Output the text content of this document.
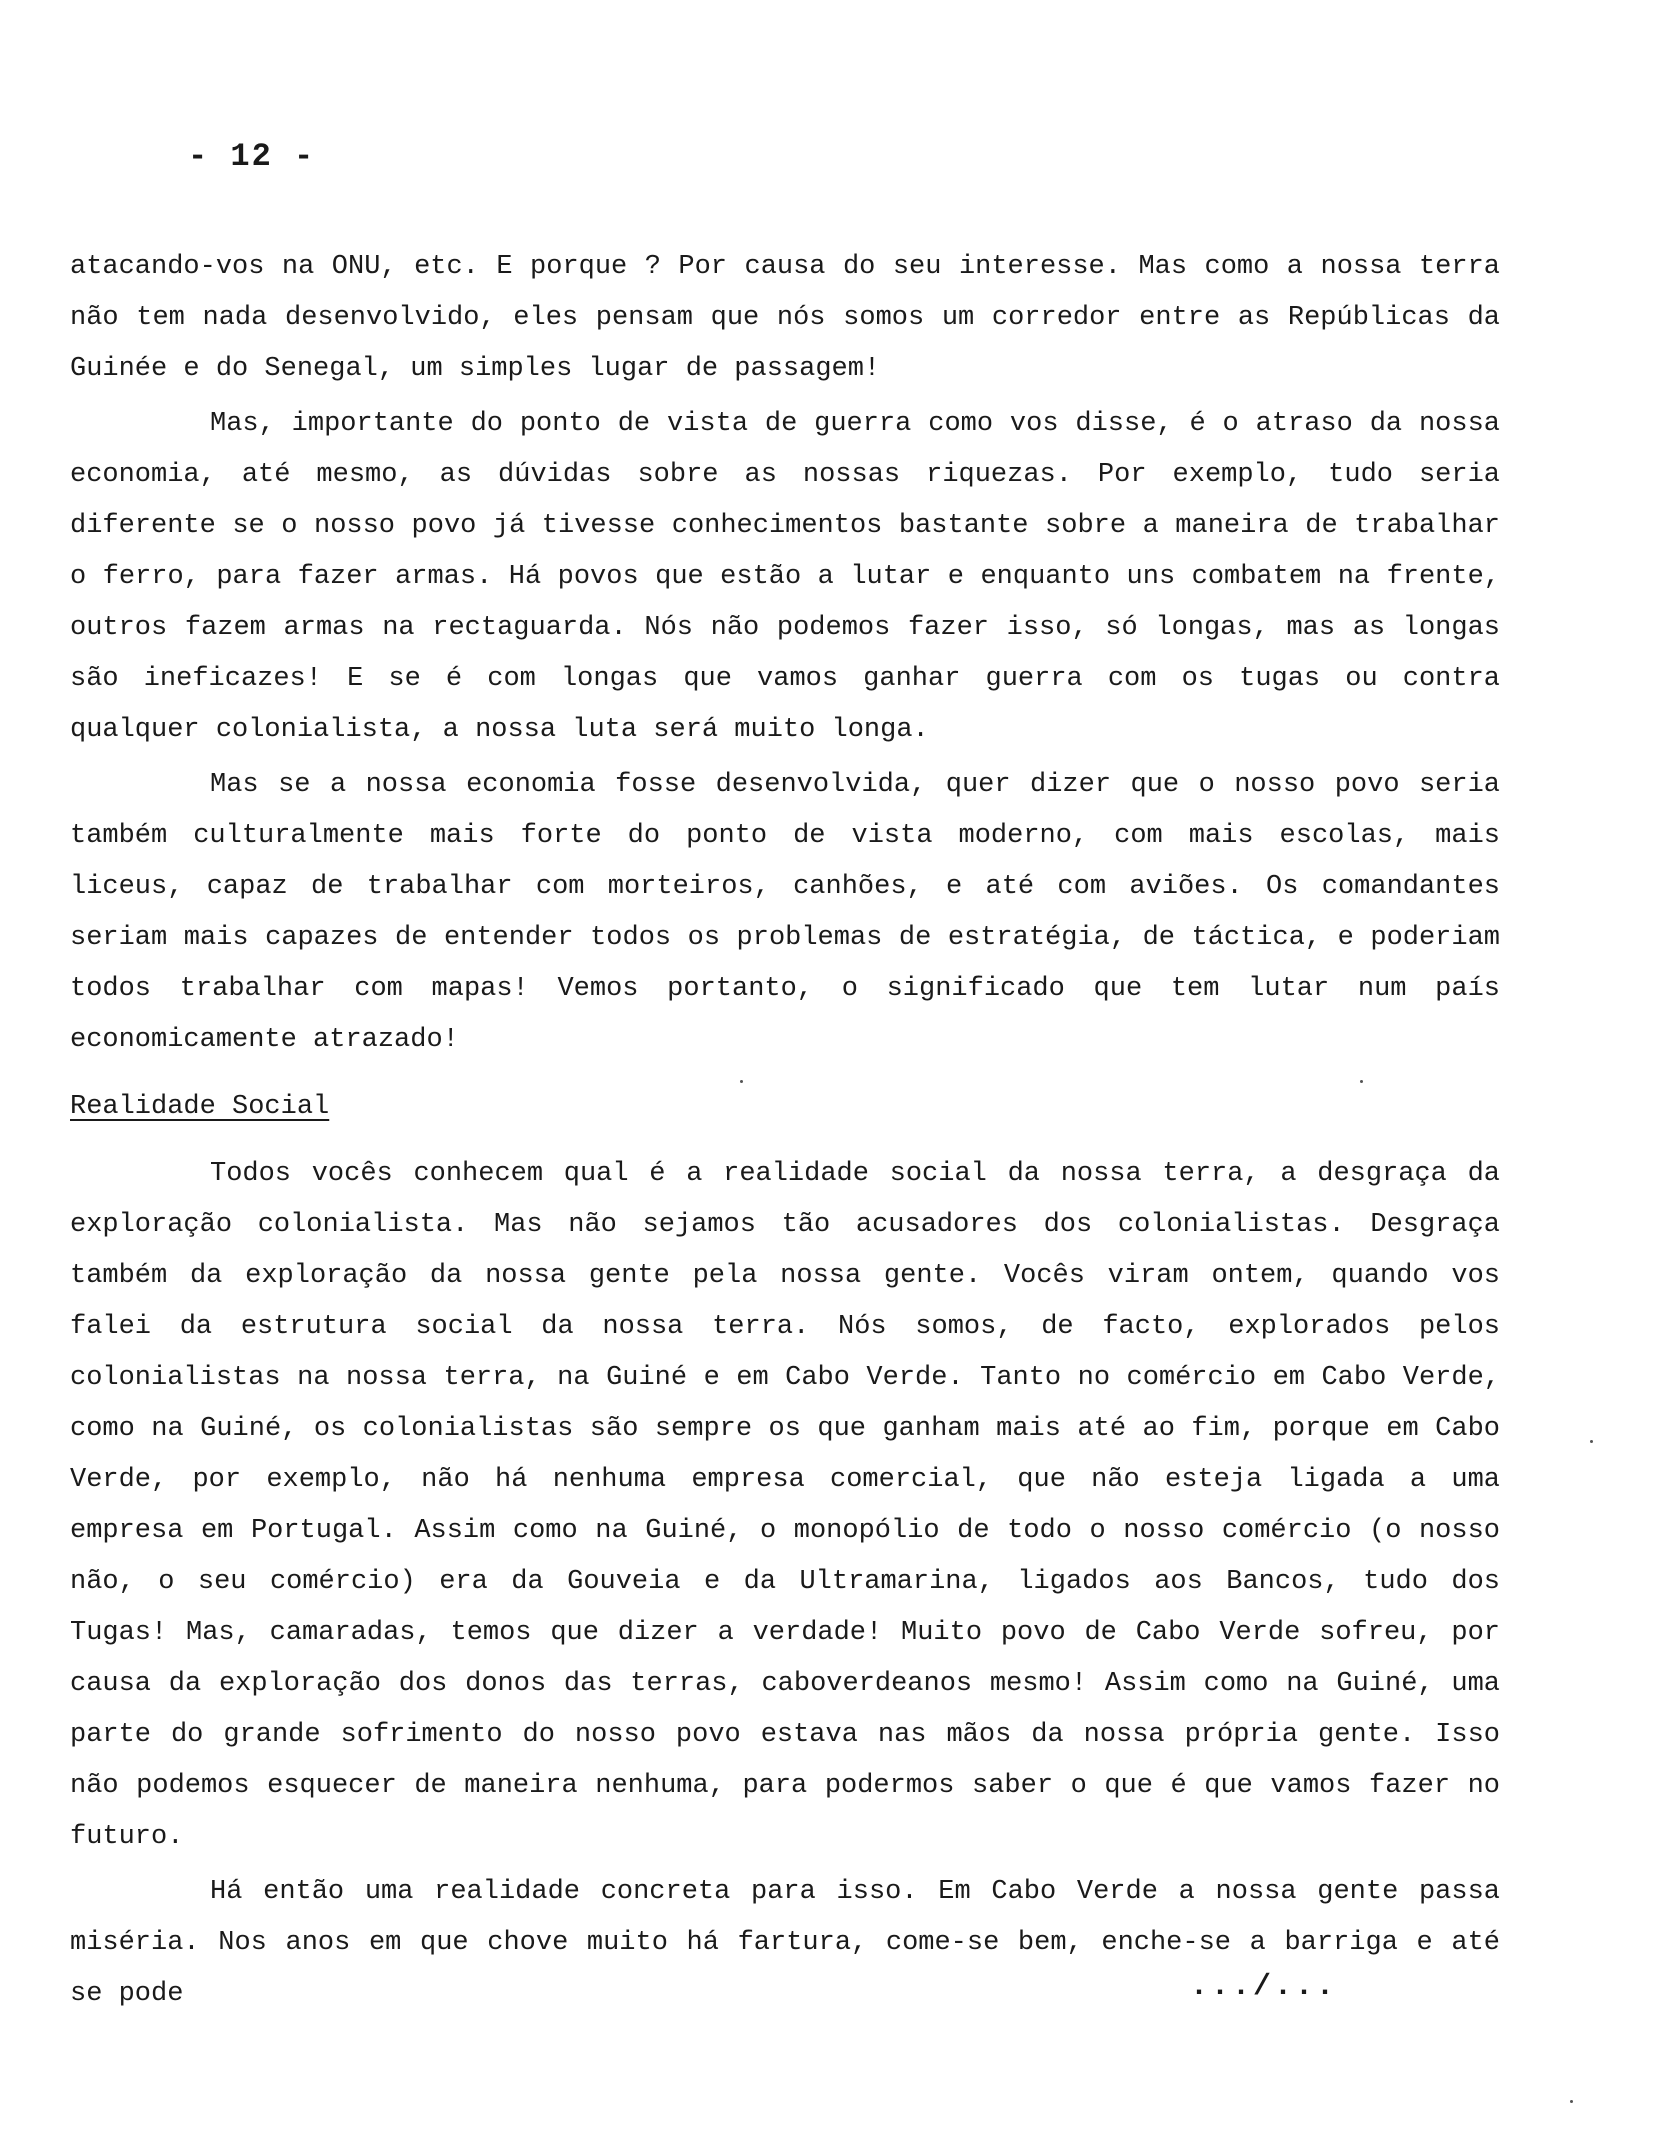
- 12 -

atacando-vos na ONU, etc. E porque ? Por causa do seu interesse. Mas como a nossa terra não tem nada desenvolvido, eles pensam que nós somos um corredor entre as Repúblicas da Guinée e do Senegal, um simples lugar de passagem!

Mas, importante do ponto de vista de guerra como vos disse, é o atraso da nossa economia, até mesmo, as dúvidas sobre as nossas riquezas. Por exemplo, tudo seria diferente se o nosso povo já tivesse conhecimentos bastante sobre a maneira de trabalhar o ferro, para fazer armas. Há povos que estão a lutar e enquanto uns combatem na frente, outros fazem armas na rectaguarda. Nós não podemos fazer isso, só longas, mas as longas são ineficazes! E se é com longas que vamos ganhar guerra com os tugas ou contra qualquer colonialista, a nossa luta será muito longa.

Mas se a nossa economia fosse desenvolvida, quer dizer que o nosso povo seria também culturalmente mais forte do ponto de vista moderno, com mais escolas, mais liceus, capaz de trabalhar com morteiros, canhões, e até com aviões. Os comandantes seriam mais capazes de entender todos os problemas de estratégia, de táctica, e poderiam todos trabalhar com mapas! Vemos portanto, o significado que tem lutar num país economicamente atrazado!

Realidade Social

Todos vocês conhecem qual é a realidade social da nossa terra, a desgraça da exploração colonialista. Mas não sejamos tão acusadores dos colonialistas. Desgraça também da exploração da nossa gente pela nossa gente. Vocês viram ontem, quando vos falei da estrutura social da nossa terra. Nós somos, de facto, explorados pelos colonialistas na nossa terra, na Guiné e em Cabo Verde. Tanto no comércio em Cabo Verde, como na Guiné, os colonialistas são sempre os que ganham mais até ao fim, porque em Cabo Verde, por exemplo, não há nenhuma empresa comercial, que não esteja ligada a uma empresa em Portugal. Assim como na Guiné, o monopólio de todo o nosso comércio (o nosso não, o seu comércio) era da Gouveia e da Ultramarina, ligados aos Bancos, tudo dos Tugas! Mas, camaradas, temos que dizer a verdade! Muito povo de Cabo Verde sofreu, por causa da exploração dos donos das terras, caboverdeanos mesmo! Assim como na Guiné, uma parte do grande sofrimento do nosso povo estava nas mãos da nossa própria gente. Isso não podemos esquecer de maneira nenhuma, para podermos saber o que é que vamos fazer no futuro.

Há então uma realidade concreta para isso. Em Cabo Verde a nossa gente passa miséria. Nos anos em que chove muito há fartura, come-se bem, enche-se a barriga e até se pode	.../...
